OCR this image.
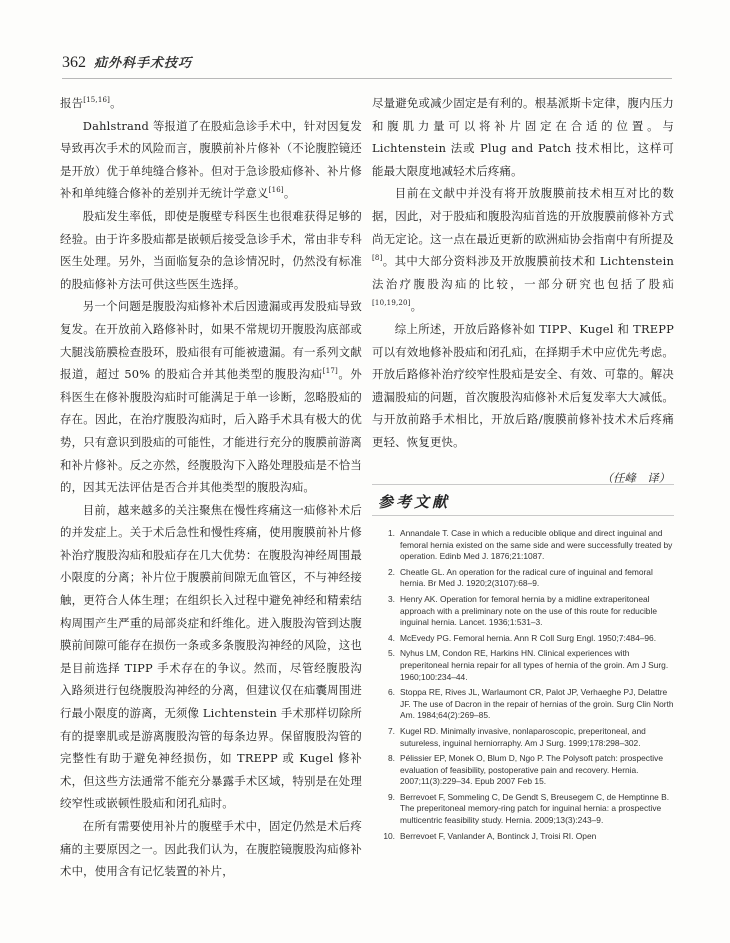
362 疝外科手术技巧

报告[15,16]。

Dahlstrand 等报道了在股疝急诊手术中，针对因复发导致再次手术的风险而言，腹膜前补片修补（不论腹腔镜还是开放）优于单纯缝合修补。但对于急诊股疝修补、补片修补和单纯缝合修补的差别并无统计学意义[16]。

股疝发生率低，即使是腹壁专科医生也很难获得足够的经验。由于许多股疝都是嵌顿后接受急诊手术，常由非专科医生处理。另外，当面临复杂的急诊情况时，仍然没有标准的股疝修补方法可供这些医生选择。

另一个问题是腹股沟疝修补术后因遗漏或再发股疝导致复发。在开放前入路修补时，如果不常规切开腹股沟底部或大腿浅筋膜检查股环，股疝很有可能被遗漏。有一系列文献报道，超过 50% 的股疝合并其他类型的腹股沟疝[17]。外科医生在修补腹股沟疝时可能满足于单一诊断，忽略股疝的存在。因此，在治疗腹股沟疝时，后入路手术具有极大的优势，只有意识到股疝的可能性，才能进行充分的腹膜前游离和补片修补。反之亦然，经腹股沟下入路处理股疝是不恰当的，因其无法评估是否合并其他类型的腹股沟疝。

目前，越来越多的关注聚焦在慢性疼痛这一疝修补术后的并发症上。关于术后急性和慢性疼痛，使用腹膜前补片修补治疗腹股沟疝和股疝存在几大优势：在腹股沟神经周围最小限度的分离；补片位于腹膜前间隙无血管区，不与神经接触，更符合人体生理；在组织长入过程中避免神经和精索结构周围产生严重的局部炎症和纤维化。进入腹股沟管到达腹膜前间隙可能存在损伤一条或多条腹股沟神经的风险，这也是目前选择 TIPP 手术存在的争议。然而，尽管经腹股沟入路须进行包绕腹股沟神经的分离，但建议仅在疝囊周围进行最小限度的游离，无须像 Lichtenstein 手术那样切除所有的提睾肌或是游离腹股沟管的每条边界。保留腹股沟管的完整性有助于避免神经损伤，如 TREPP 或 Kugel 修补术，但这些方法通常不能充分暴露手术区域，特别是在处理绞窄性或嵌顿性股疝和闭孔疝时。

在所有需要使用补片的腹壁手术中，固定仍然是术后疼痛的主要原因之一。因此我们认为，在腹腔镜腹股沟疝修补术中，使用含有记忆装置的补片，

尽量避免或减少固定是有利的。根基派斯卡定律，腹内压力和腹肌力量可以将补片固定在合适的位置。与 Lichtenstein 法或 Plug and Patch 技术相比，这样可能最大限度地减轻术后疼痛。

目前在文献中并没有将开放腹膜前技术相互对比的数据，因此，对于股疝和腹股沟疝首选的开放腹膜前修补方式尚无定论。这一点在最近更新的欧洲疝协会指南中有所提及[8]。其中大部分资料涉及开放腹膜前技术和 Lichtenstein 法治疗腹股沟疝的比较，一部分研究也包括了股疝[10,19,20]。

综上所述，开放后路修补如 TIPP、Kugel 和 TREPP 可以有效地修补股疝和闭孔疝，在择期手术中应优先考虑。开放后路修补治疗绞窄性股疝是安全、有效、可靠的。解决遗漏股疝的问题，首次腹股沟疝修补术后复发率大大减低。与开放前路手术相比，开放后路/腹膜前修补技术术后疼痛更轻、恢复更快。

（任峰　译）

参考文献
1. Annandale T. Case in which a reducible oblique and direct inguinal and femoral hernia existed on the same side and were successfully treated by operation. Edinb Med J. 1876;21:1087.
2. Cheatle GL. An operation for the radical cure of inguinal and femoral hernia. Br Med J. 1920;2(3107):68–9.
3. Henry AK. Operation for femoral hernia by a midline extraperitoneal approach with a preliminary note on the use of this route for reducible inguinal hernia. Lancet. 1936;1:531–3.
4. McEvedy PG. Femoral hernia. Ann R Coll Surg Engl. 1950;7:484–96.
5. Nyhus LM, Condon RE, Harkins HN. Clinical experiences with preperitoneal hernia repair for all types of hernia of the groin. Am J Surg. 1960;100:234–44.
6. Stoppa RE, Rives JL, Warlaumont CR, Palot JP, Verhaeghe PJ, Delattre JF. The use of Dacron in the repair of hernias of the groin. Surg Clin North Am. 1984;64(2):269–85.
7. Kugel RD. Minimally invasive, nonlaparoscopic, preperitoneal, and sutureless, inguinal herniorraphy. Am J Surg. 1999;178:298–302.
8. Pélissier EP, Monek O, Blum D, Ngo P. The Polysoft patch: prospective evaluation of feasibility, postoperative pain and recovery. Hernia. 2007;11(3):229–34. Epub 2007 Feb 15.
9. Berrevoet F, Sommeling C, De Gendt S, Breusegem C, de Hemptinne B. The preperitoneal memory-ring patch for inguinal hernia: a prospective multicentric feasibility study. Hernia. 2009;13(3):243–9.
10. Berrevoet F, Vanlander A, Bontinck J, Troisi RI. Open
